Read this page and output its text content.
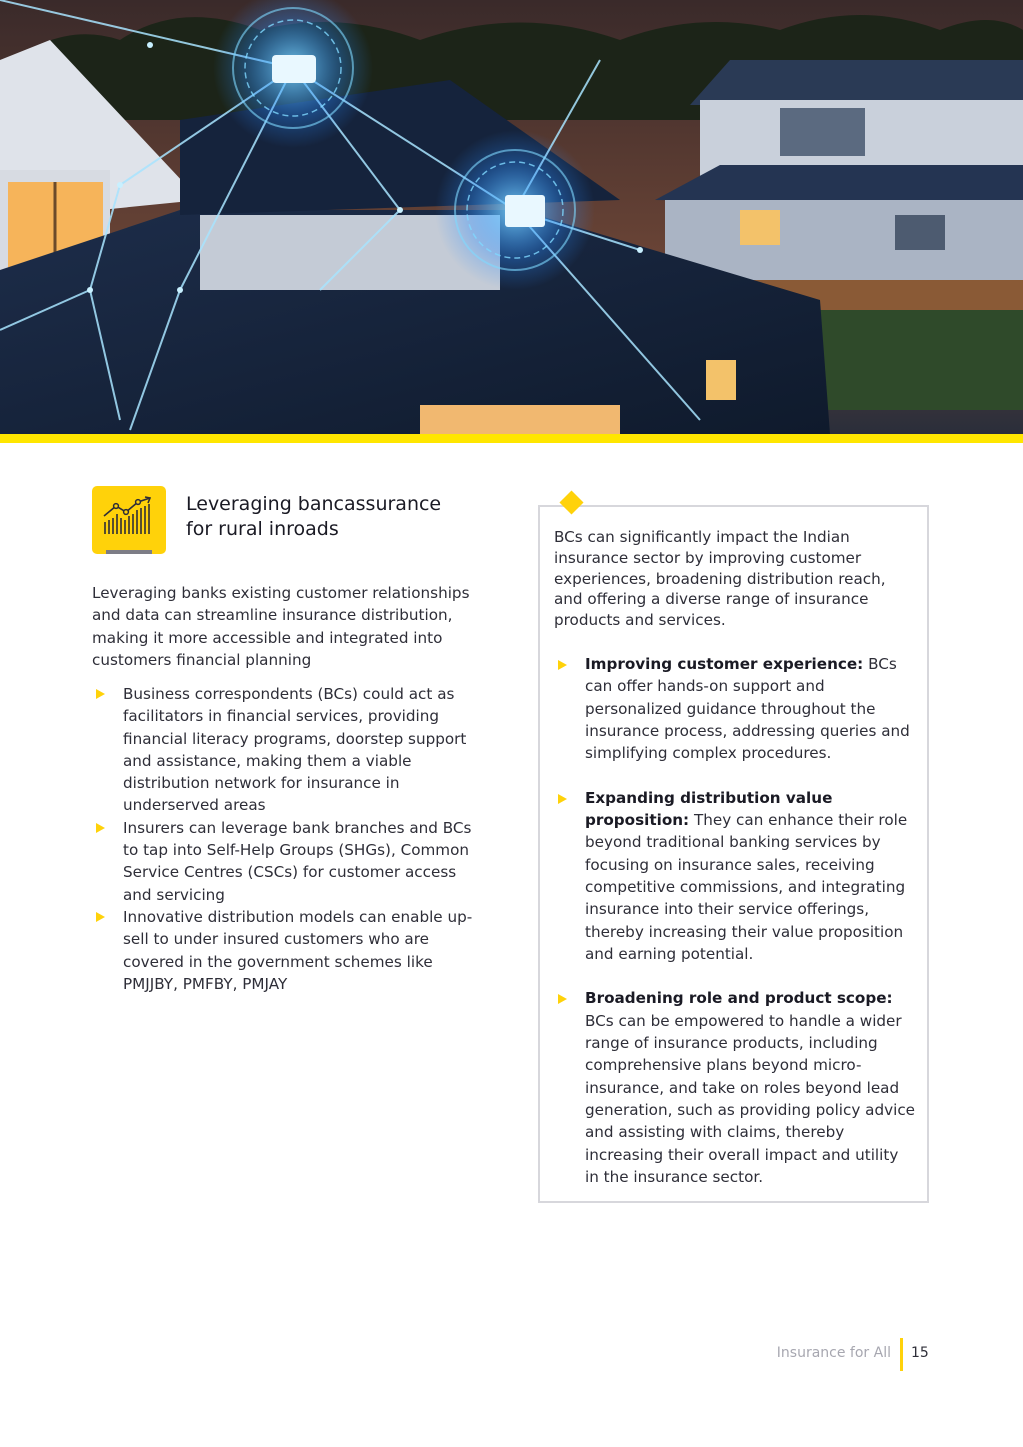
Leveraging bancassurance
for rural inroads

Leveraging banks existing customer relationships and data can streamline insurance distribution, making it more accessible and integrated into customers financial planning

Business correspondents (BCs) could act as facilitators in financial services, providing financial literacy programs, doorstep support and assistance, making them a viable distribution network for insurance in underserved areas
Insurers can leverage bank branches and BCs to tap into Self-Help Groups (SHGs), Common Service Centres (CSCs) for customer access and servicing
Innovative distribution models can enable up-sell to under insured customers who are covered in the government schemes like PMJJBY, PMFBY, PMJAY

BCs can significantly impact the Indian insurance sector by improving customer experiences, broadening distribution reach, and offering a diverse range of insurance products and services.

Improving customer experience: BCs can offer hands-on support and personalized guidance throughout the insurance process, addressing queries and simplifying complex procedures.
Expanding distribution value proposition: They can enhance their role beyond traditional banking services by focusing on insurance sales, receiving competitive commissions, and integrating insurance into their service offerings, thereby increasing their value proposition and earning potential.
Broadening role and product scope: BCs can be empowered to handle a wider range of insurance products, including comprehensive plans beyond micro-insurance, and take on roles beyond lead generation, such as providing policy advice and assisting with claims, thereby increasing their overall impact and utility in the insurance sector.
Insurance for All 15
